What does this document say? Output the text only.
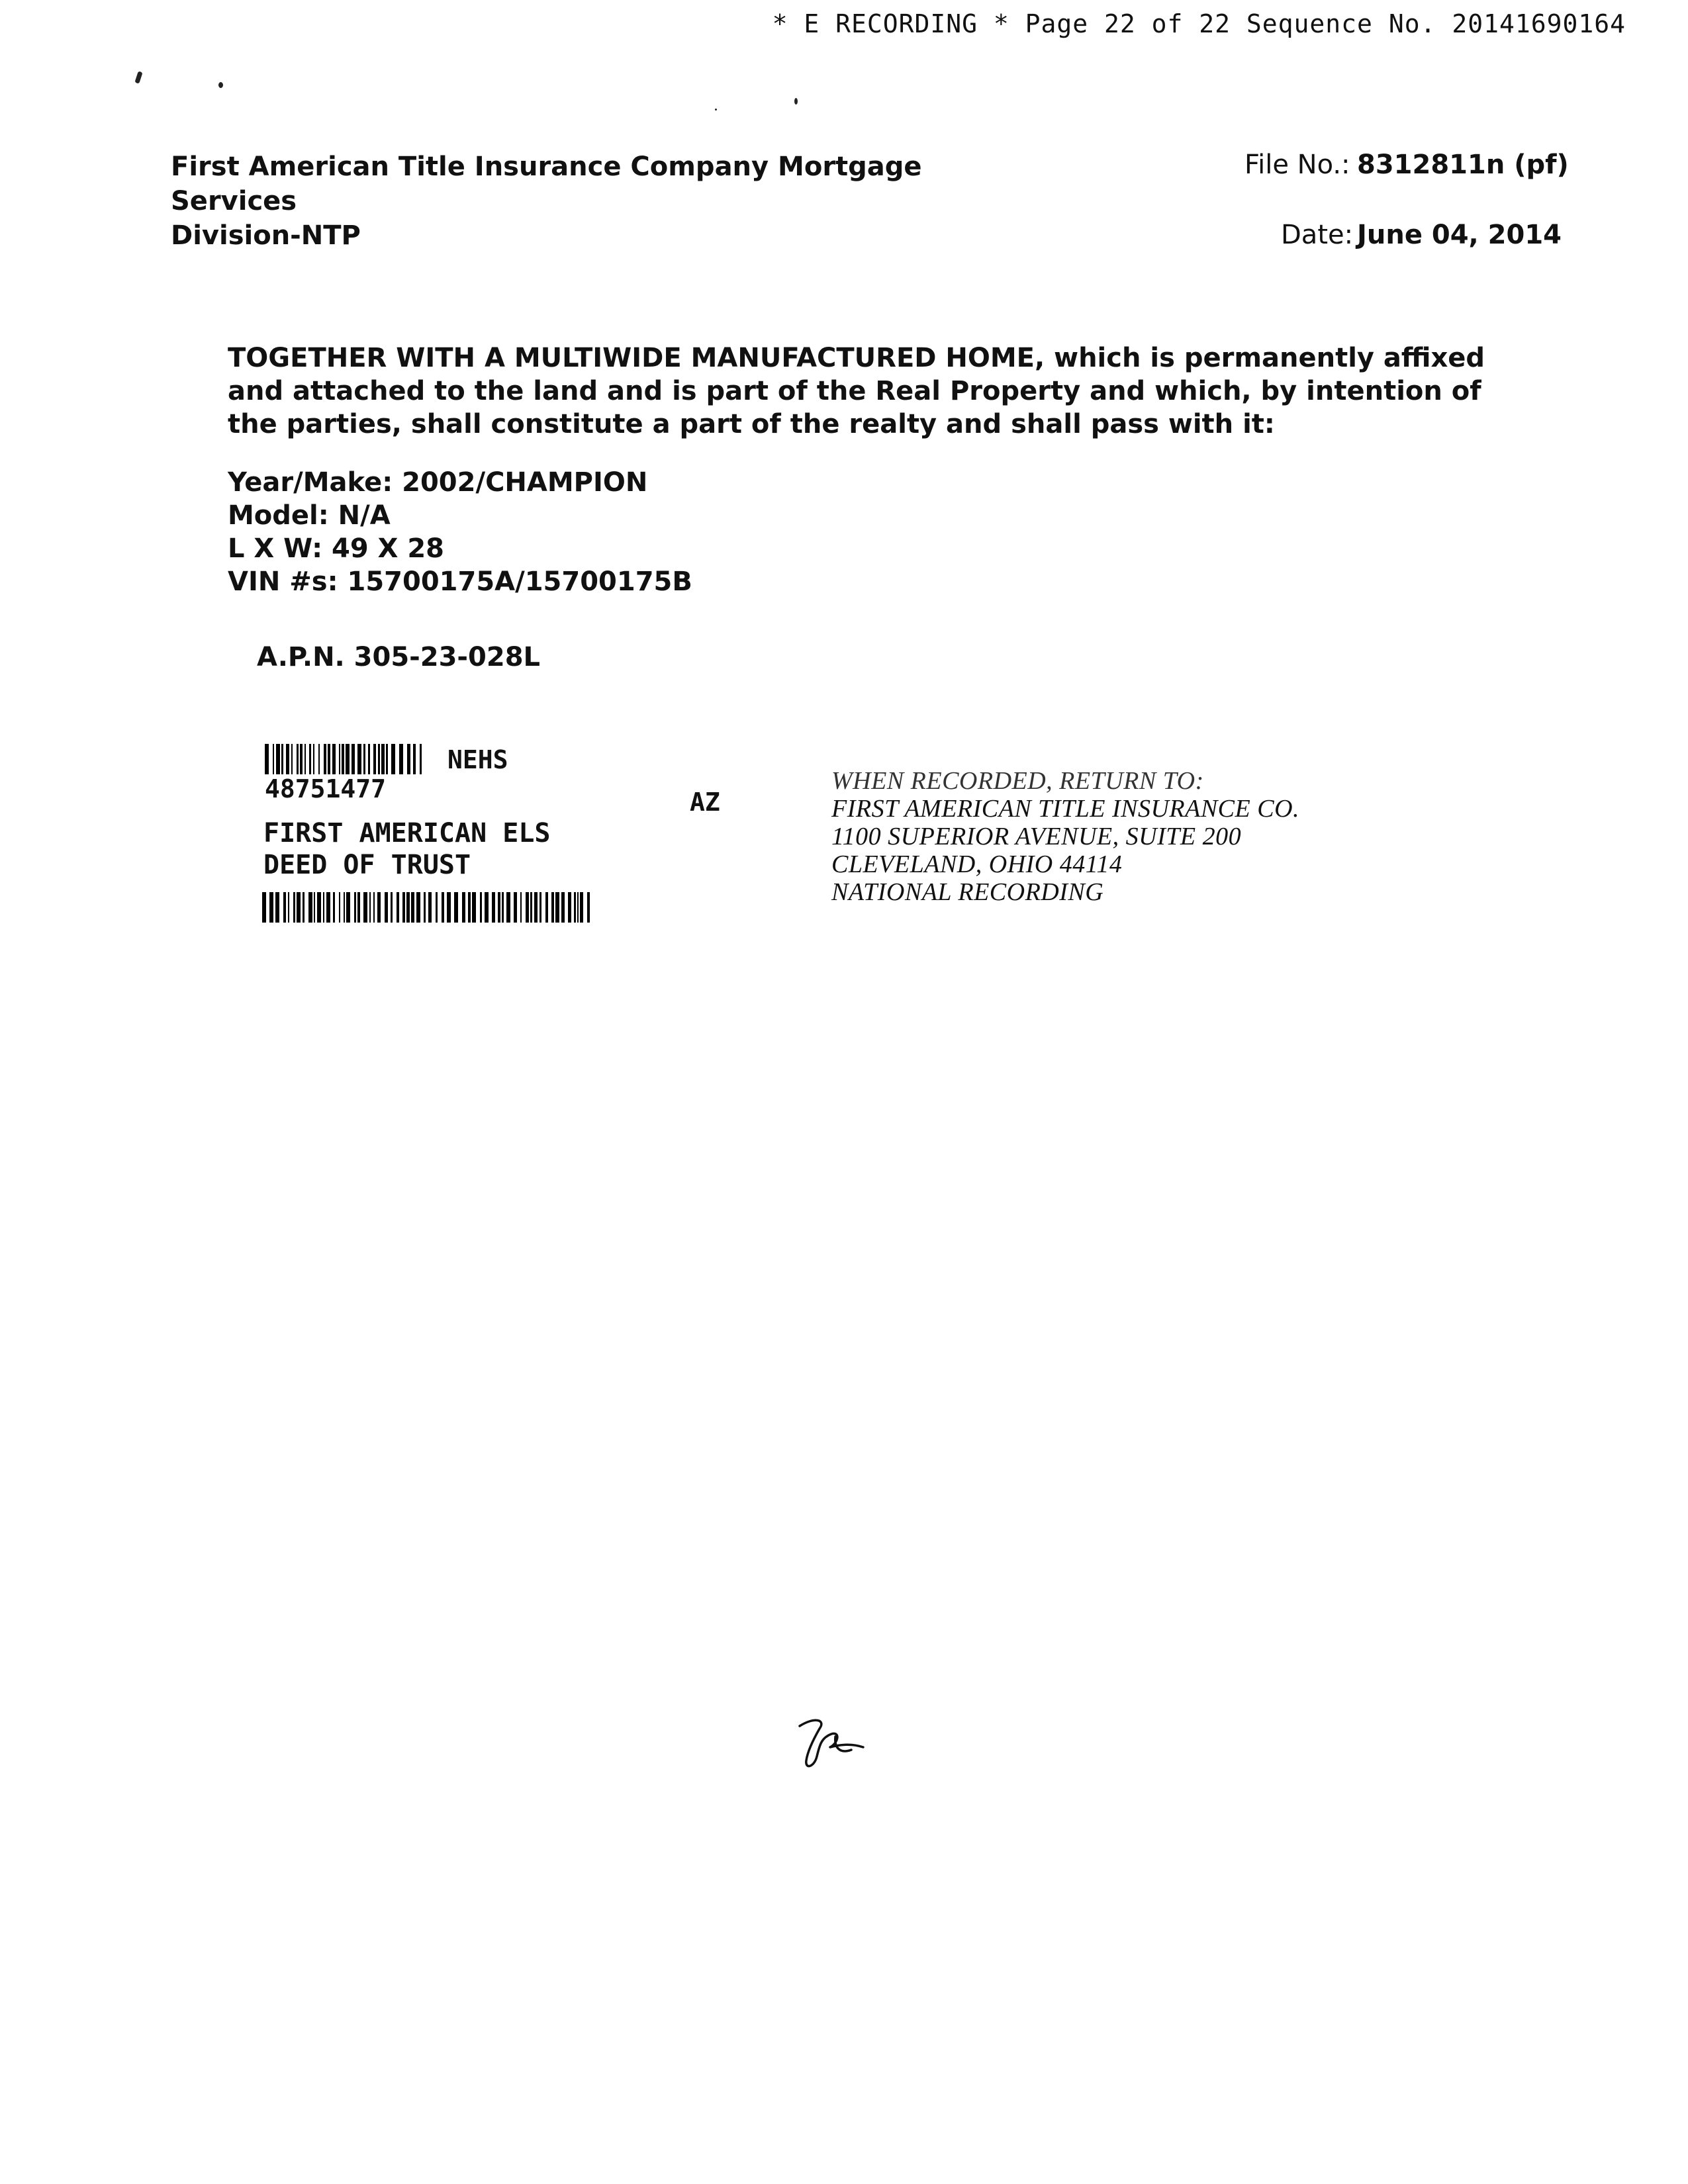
* E RECORDING * Page 22 of 22 Sequence No. 20141690164
First American Title Insurance Company Mortgage Services
Division-NTP
File No.: 8312811n (pf)
Date: June 04, 2014
TOGETHER WITH A MULTIWIDE MANUFACTURED HOME, which is permanently affixed and attached to the land and is part of the Real Property and which, by intention of the parties, shall constitute a part of the realty and shall pass with it:
Year/Make: 2002/CHAMPION
Model: N/A
L X W: 49 X 28
VIN #s: 15700175A/15700175B
A.P.N. 305-23-028L
NEHS
48751477	AZ
FIRST AMERICAN ELS
DEED OF TRUST
WHEN RECORDED, RETURN TO:
FIRST AMERICAN TITLE INSURANCE CO.
1100 SUPERIOR AVENUE, SUITE 200
CLEVELAND, OHIO 44114
NATIONAL RECORDING
